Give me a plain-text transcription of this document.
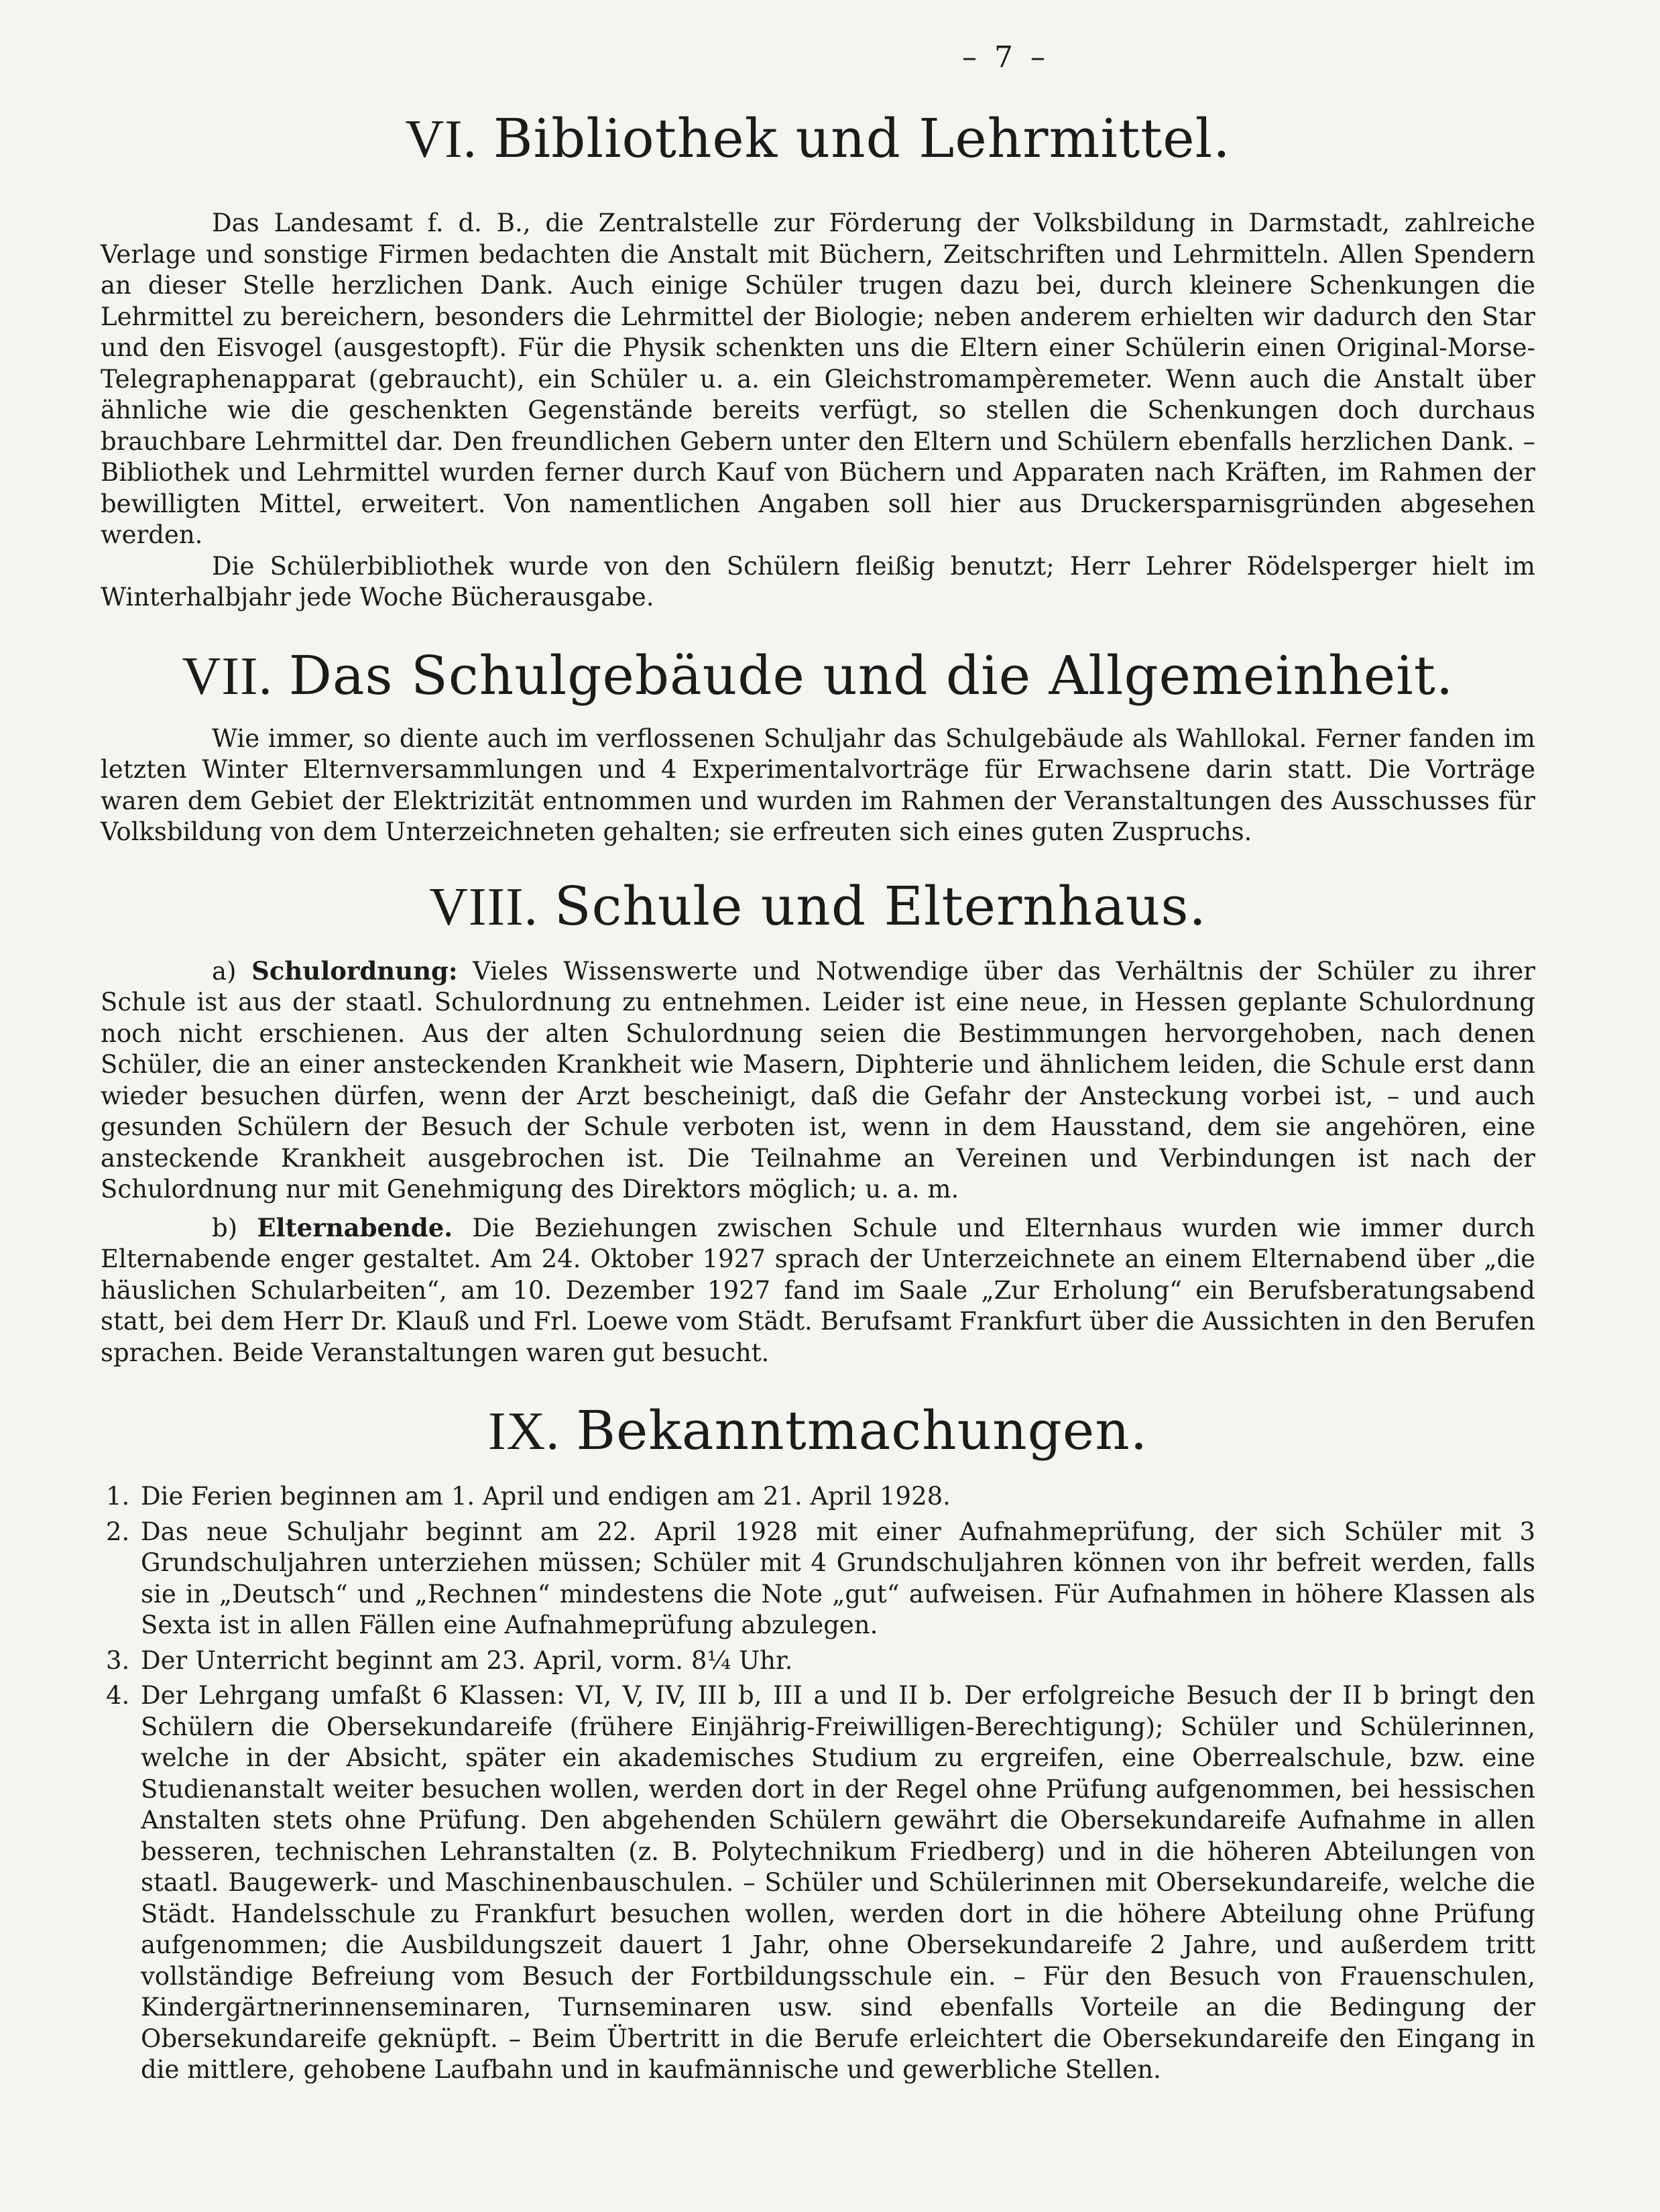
– 7 –
VI. Bibliothek und Lehrmittel.

Das Landesamt f. d. B., die Zentralstelle zur Förderung der Volksbildung in Darmstadt, zahlreiche Verlage und sonstige Firmen bedachten die Anstalt mit Büchern, Zeitschriften und Lehrmitteln. Allen Spendern an dieser Stelle herzlichen Dank. Auch einige Schüler trugen dazu bei, durch kleinere Schenkungen die Lehrmittel zu bereichern, besonders die Lehrmittel der Biologie; neben anderem erhielten wir dadurch den Star und den Eisvogel (ausgestopft). Für die Physik schenkten uns die Eltern einer Schülerin einen Original-Morse-Telegraphenapparat (gebraucht), ein Schüler u. a. ein Gleichstromampèremeter. Wenn auch die Anstalt über ähnliche wie die geschenkten Gegenstände bereits verfügt, so stellen die Schenkungen doch durchaus brauchbare Lehrmittel dar. Den freundlichen Gebern unter den Eltern und Schülern ebenfalls herzlichen Dank. – Bibliothek und Lehrmittel wurden ferner durch Kauf von Büchern und Apparaten nach Kräften, im Rahmen der bewilligten Mittel, erweitert. Von namentlichen Angaben soll hier aus Druckersparnisgründen abgesehen werden.

Die Schülerbibliothek wurde von den Schülern fleißig benutzt; Herr Lehrer Rödelsperger hielt im Winterhalbjahr jede Woche Bücherausgabe.

VII. Das Schulgebäude und die Allgemeinheit.

Wie immer, so diente auch im verflossenen Schuljahr das Schulgebäude als Wahllokal. Ferner fanden im letzten Winter Elternversammlungen und 4 Experimentalvorträge für Erwachsene darin statt. Die Vorträge waren dem Gebiet der Elektrizität entnommen und wurden im Rahmen der Veranstaltungen des Ausschusses für Volksbildung von dem Unterzeichneten gehalten; sie erfreuten sich eines guten Zuspruchs.

VIII. Schule und Elternhaus.

a) Schulordnung: Vieles Wissenswerte und Notwendige über das Verhältnis der Schüler zu ihrer Schule ist aus der staatl. Schulordnung zu entnehmen. Leider ist eine neue, in Hessen geplante Schulordnung noch nicht erschienen. Aus der alten Schulordnung seien die Bestimmungen hervorgehoben, nach denen Schüler, die an einer ansteckenden Krankheit wie Masern, Diphterie und ähnlichem leiden, die Schule erst dann wieder besuchen dürfen, wenn der Arzt bescheinigt, daß die Gefahr der Ansteckung vorbei ist, – und auch gesunden Schülern der Besuch der Schule verboten ist, wenn in dem Hausstand, dem sie angehören, eine ansteckende Krankheit ausgebrochen ist. Die Teilnahme an Vereinen und Verbindungen ist nach der Schulordnung nur mit Genehmigung des Direktors möglich; u. a. m.

b) Elternabende. Die Beziehungen zwischen Schule und Elternhaus wurden wie immer durch Elternabende enger gestaltet. Am 24. Oktober 1927 sprach der Unterzeichnete an einem Elternabend über „die häuslichen Schularbeiten“, am 10. Dezember 1927 fand im Saale „Zur Erholung“ ein Berufsberatungsabend statt, bei dem Herr Dr. Klauß und Frl. Loewe vom Städt. Berufsamt Frankfurt über die Aussichten in den Berufen sprachen. Beide Veranstaltungen waren gut besucht.

IX. Bekanntmachungen.
1. Die Ferien beginnen am 1. April und endigen am 21. April 1928.
2. Das neue Schuljahr beginnt am 22. April 1928 mit einer Aufnahmeprüfung, der sich Schüler mit 3 Grundschuljahren unterziehen müssen; Schüler mit 4 Grundschuljahren können von ihr befreit werden, falls sie in „Deutsch“ und „Rechnen“ mindestens die Note „gut“ aufweisen. Für Aufnahmen in höhere Klassen als Sexta ist in allen Fällen eine Aufnahmeprüfung abzulegen.
3. Der Unterricht beginnt am 23. April, vorm. 8¼ Uhr.
4. Der Lehrgang umfaßt 6 Klassen: VI, V, IV, III b, III a und II b. Der erfolgreiche Besuch der II b bringt den Schülern die Obersekundareife (frühere Einjährig-Freiwilligen-Berechtigung); Schüler und Schülerinnen, welche in der Absicht, später ein akademisches Studium zu ergreifen, eine Oberrealschule, bzw. eine Studienanstalt weiter besuchen wollen, werden dort in der Regel ohne Prüfung aufgenommen, bei hessischen Anstalten stets ohne Prüfung. Den abgehenden Schülern gewährt die Obersekundareife Aufnahme in allen besseren, technischen Lehranstalten (z. B. Polytechnikum Friedberg) und in die höheren Abteilungen von staatl. Baugewerk- und Maschinenbauschulen. – Schüler und Schülerinnen mit Obersekundareife, welche die Städt. Handelsschule zu Frankfurt besuchen wollen, werden dort in die höhere Abteilung ohne Prüfung aufgenommen; die Ausbildungszeit dauert 1 Jahr, ohne Obersekundareife 2 Jahre, und außerdem tritt vollständige Befreiung vom Besuch der Fortbildungsschule ein. – Für den Besuch von Frauenschulen, Kindergärtnerinnenseminaren, Turnseminaren usw. sind ebenfalls Vorteile an die Bedingung der Obersekundareife geknüpft. – Beim Übertritt in die Berufe erleichtert die Obersekundareife den Eingang in die mittlere, gehobene Laufbahn und in kaufmännische und gewerbliche Stellen.
